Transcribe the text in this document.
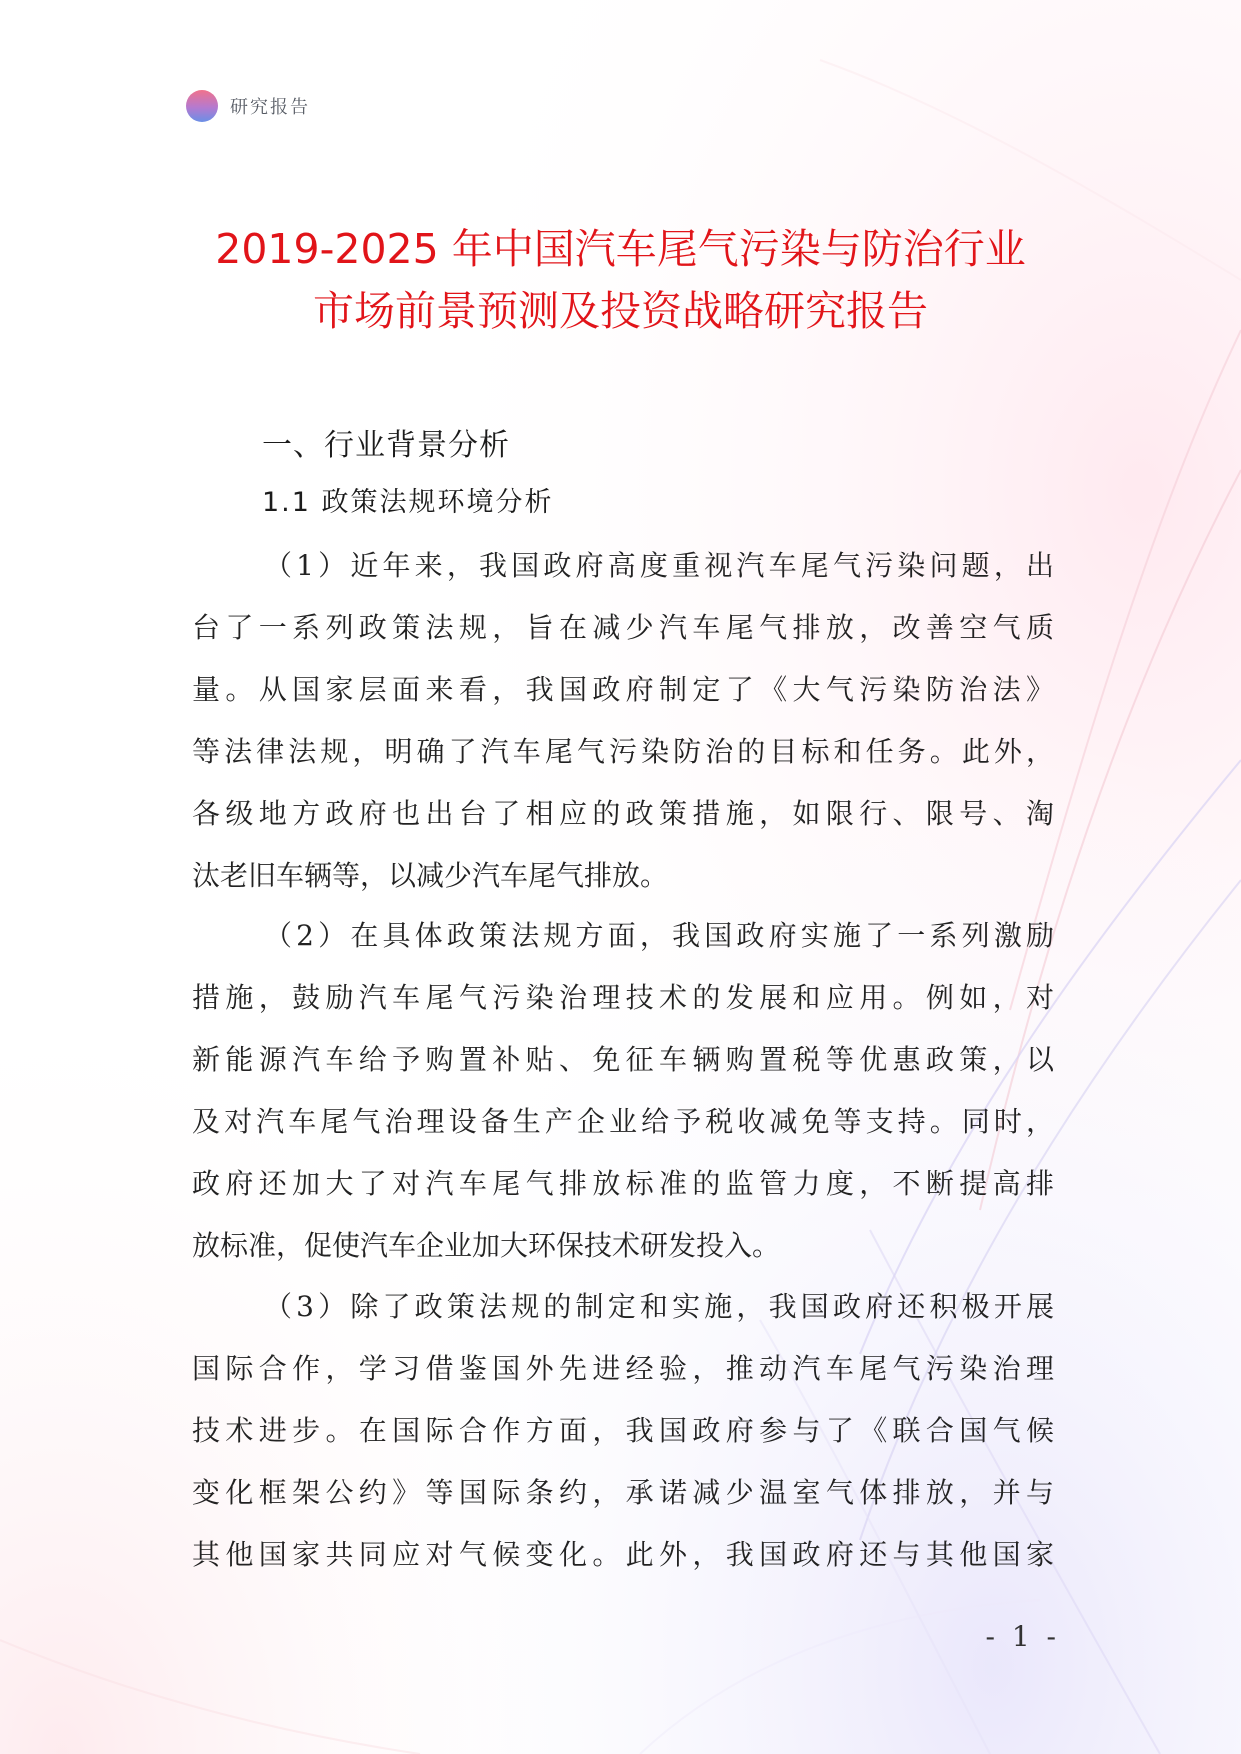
研究报告
2019-2025 年中国汽车尾气污染与防治行业
市场前景预测及投资战略研究报告
一、行业背景分析
1.1 政策法规环境分析
（1）近年来，我国政府高度重视汽车尾气污染问题，出
台了一系列政策法规，旨在减少汽车尾气排放，改善空气质
量。从国家层面来看，我国政府制定了《大气污染防治法》
等法律法规，明确了汽车尾气污染防治的目标和任务。此外，
各级地方政府也出台了相应的政策措施，如限行、限号、淘
汰老旧车辆等，以减少汽车尾气排放。
（2）在具体政策法规方面，我国政府实施了一系列激励
措施，鼓励汽车尾气污染治理技术的发展和应用。例如，对
新能源汽车给予购置补贴、免征车辆购置税等优惠政策，以
及对汽车尾气治理设备生产企业给予税收减免等支持。同时，
政府还加大了对汽车尾气排放标准的监管力度，不断提高排
放标准，促使汽车企业加大环保技术研发投入。
（3）除了政策法规的制定和实施，我国政府还积极开展
国际合作，学习借鉴国外先进经验，推动汽车尾气污染治理
技术进步。在国际合作方面，我国政府参与了《联合国气候
变化框架公约》等国际条约，承诺减少温室气体排放，并与
其他国家共同应对气候变化。此外，我国政府还与其他国家
- 1 -
